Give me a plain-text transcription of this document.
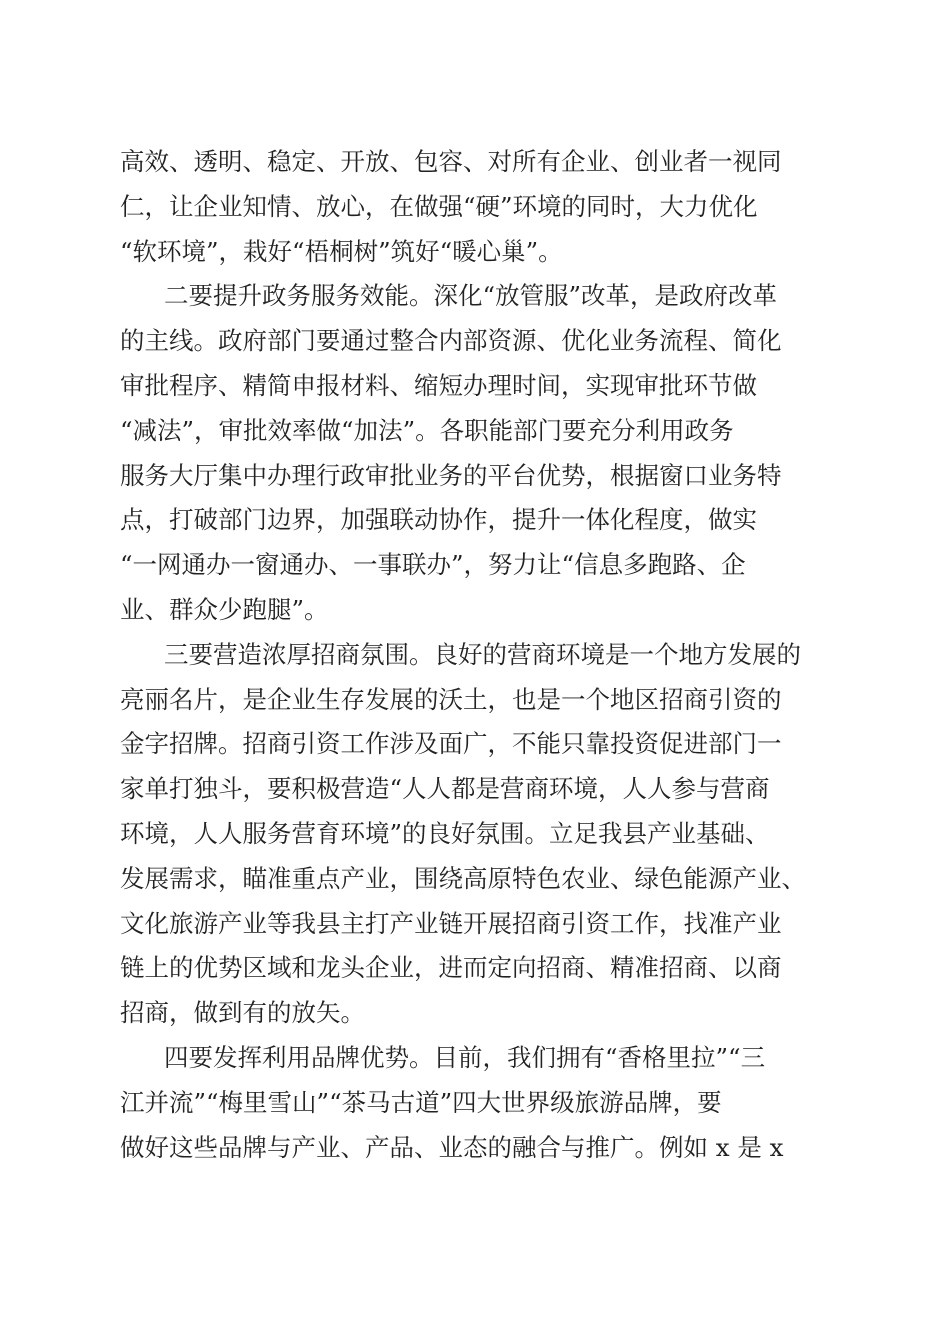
高效、透明、稳定、开放、包容、对所有企业、创业者一视同

仁，让企业知情、放心，在做强“硬”环境的同时，大力优化

“软环境”，栽好“梧桐树”筑好“暖心巢”。

二要提升政务服务效能。深化“放管服”改革，是政府改革

的主线。政府部门要通过整合内部资源、优化业务流程、简化

审批程序、精简申报材料、缩短办理时间，实现审批环节做

“减法”，审批效率做“加法”。各职能部门要充分利用政务

服务大厅集中办理行政审批业务的平台优势，根据窗口业务特

点，打破部门边界，加强联动协作，提升一体化程度，做实

“一网通办一窗通办、一事联办”，努力让“信息多跑路、企

业、群众少跑腿”。

三要营造浓厚招商氛围。良好的营商环境是一个地方发展的

亮丽名片，是企业生存发展的沃土，也是一个地区招商引资的

金字招牌。招商引资工作涉及面广，不能只靠投资促进部门一

家单打独斗，要积极营造“人人都是营商环境，人人参与营商

环境，人人服务营育环境”的良好氛围。立足我县产业基础、

发展需求，瞄准重点产业，围绕高原特色农业、绿色能源产业、

文化旅游产业等我县主打产业链开展招商引资工作，找准产业

链上的优势区域和龙头企业，进而定向招商、精准招商、以商

招商，做到有的放矢。

四要发挥利用品牌优势。目前，我们拥有“香格里拉”“三

江并流”“梅里雪山”“茶马古道”四大世界级旅游品牌，要

做好这些品牌与产业、产品、业态的融合与推广。例如 x 是 x
